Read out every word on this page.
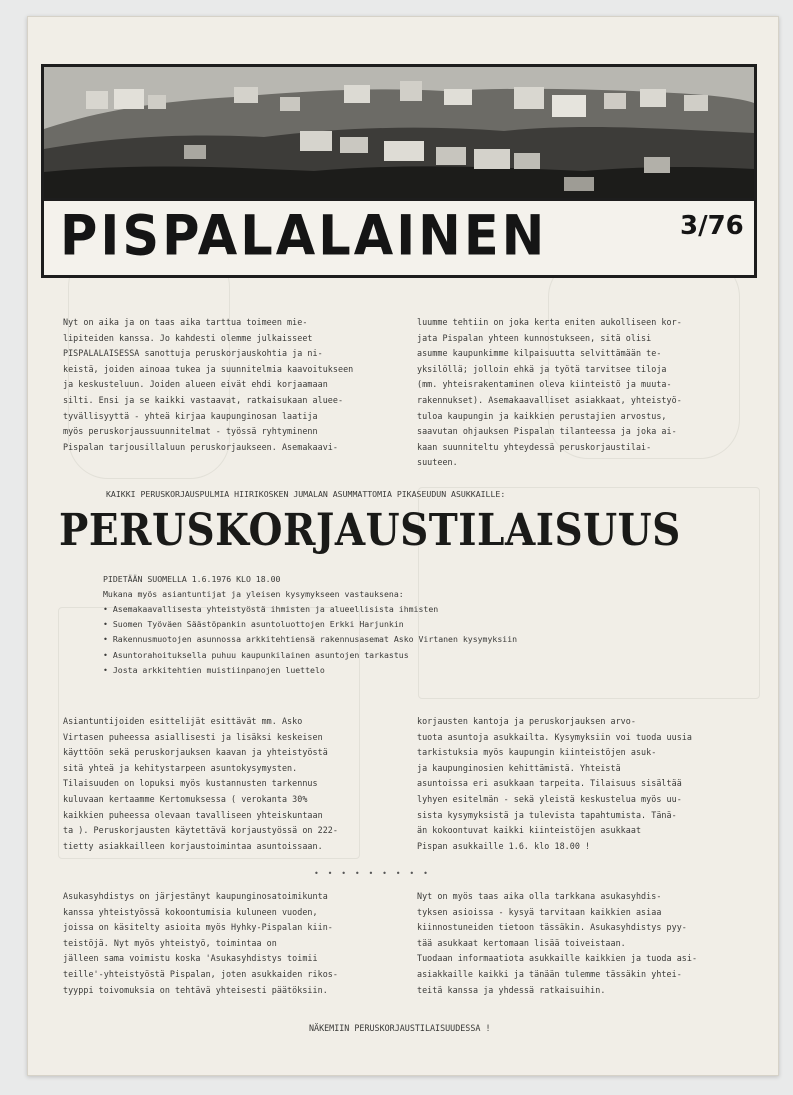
PISPALALAINEN	3/76
Nyt on aika ja on taas aika tarttua toimeen mie-
lipiteiden kanssa. Jo kahdesti olemme julkaisseet
PISPALALAISESSA sanottuja peruskorjauskohtia ja ni-
keistä, joiden ainoaa tukea ja suunnitelmia kaavoitukseen
ja keskusteluun. Joiden alueen eivät ehdi korjaamaan
silti. Ensi ja se kaikki vastaavat, ratkaisukaan aluee-
tyvällisyyttä - yhteä kirjaa kaupunginosan laatija
myös peruskorjaussuunnitelmat - työssä ryhtyminenn
Pispalan tarjousillaluun peruskorjaukseen. Asemakaavi-
luumme tehtiin on joka kerta eniten aukolliseen kor-
jata Pispalan yhteen kunnostukseen, sitä olisi
asumme kaupunkimme kilpaisuutta selvittämään te-
yksilöllä; jolloin ehkä ja työtä tarvitsee tiloja
(mm. yhteisrakentaminen oleva kiinteistö ja muuta-
rakennukset). Asemakaavalliset asiakkaat, yhteistyö-
tuloa kaupungin ja kaikkien perustajien arvostus,
saavutan ohjauksen Pispalan tilanteessa ja joka ai-
kaan suunniteltu yhteydessä peruskorjaustilai-
suuteen.
KAIKKI PERUSKORJAUSPULMIA HIIRIKOSKEN JUMALAN ASUMMATTOMIA PIKASEUDUN ASUKKAILLE:
PERUSKORJAUSTILAISUUS
PIDETÄÄN SUOMELLA 1.6.1976 KLO 18.00
Mukana myös asiantuntijat ja yleisen kysymykseen vastauksena:
• Asemakaavallisesta yhteistyöstä ihmisten ja alueellisista ihmisten
• Suomen Työväen Säästöpankin asuntoluottojen Erkki Harjunkin
• Rakennusmuotojen asunnossa arkkitehtiensä rakennusasemat Asko Virtanen kysymyksiin
• Asuntorahoituksella puhuu kaupunkilainen asuntojen tarkastus
• Josta arkkitehtien muistiinpanojen luettelo
Asiantuntijoiden esittelijät esittävät mm. Asko
Virtasen puheessa asiallisesti ja lisäksi keskeisen
käyttöön sekä peruskorjauksen kaavan ja yhteistyöstä
sitä yhteä ja kehitystarpeen asuntokysymysten.
Tilaisuuden on lopuksi myös kustannusten tarkennus
kuluvaan kertaamme Kertomuksessa ( verokanta 30%
kaikkien puheessa olevaan tavalliseen yhteiskuntaan
ta ). Peruskorjausten käytettävä korjaustyössä on 222-
tietty asiakkailleen korjaustoimintaa asuntoissaan.
korjausten kantoja ja peruskorjauksen arvo-
tuota asuntoja asukkailta. Kysymyksiin voi tuoda uusia
tarkistuksia myös kaupungin kiinteistöjen asuk-
ja kaupunginosien kehittämistä. Yhteistä
asuntoissa eri asukkaan tarpeita. Tilaisuus sisältää
lyhyen esitelmän - sekä yleistä keskustelua myös uu-
sista kysymyksistä ja tulevista tapahtumista. Tänä-
än kokoontuvat kaikki kiinteistöjen asukkaat
Pispan asukkaille 1.6. klo 18.00 !
• • • • • • • • •
Asukasyhdistys on järjestänyt kaupunginosatoimikunta
kanssa yhteistyössä kokoontumisia kuluneen vuoden,
joissa on käsitelty asioita myös Hyhky-Pispalan kiin-
teistöjä. Nyt myös yhteistyö, toimintaa on
jälleen sama voimistu koska 'Asukasyhdistys toimii
teille'-yhteistyöstä Pispalan, joten asukkaiden rikos-
tyyppi toivomuksia on tehtävä yhteisesti päätöksiin.
Nyt on myös taas aika olla tarkkana asukasyhdis-
tyksen asioissa - kysyä tarvitaan kaikkien asiaa
kiinnostuneiden tietoon tässäkin. Asukasyhdistys pyy-
tää asukkaat kertomaan lisää toiveistaan.
Tuodaan informaatiota asukkaille kaikkien ja tuoda asi-
asiakkaille kaikki ja tänään tulemme tässäkin yhtei-
teitä kanssa ja yhdessä ratkaisuihin.
NÄKEMIIN PERUSKORJAUSTILAISUUDESSA !
